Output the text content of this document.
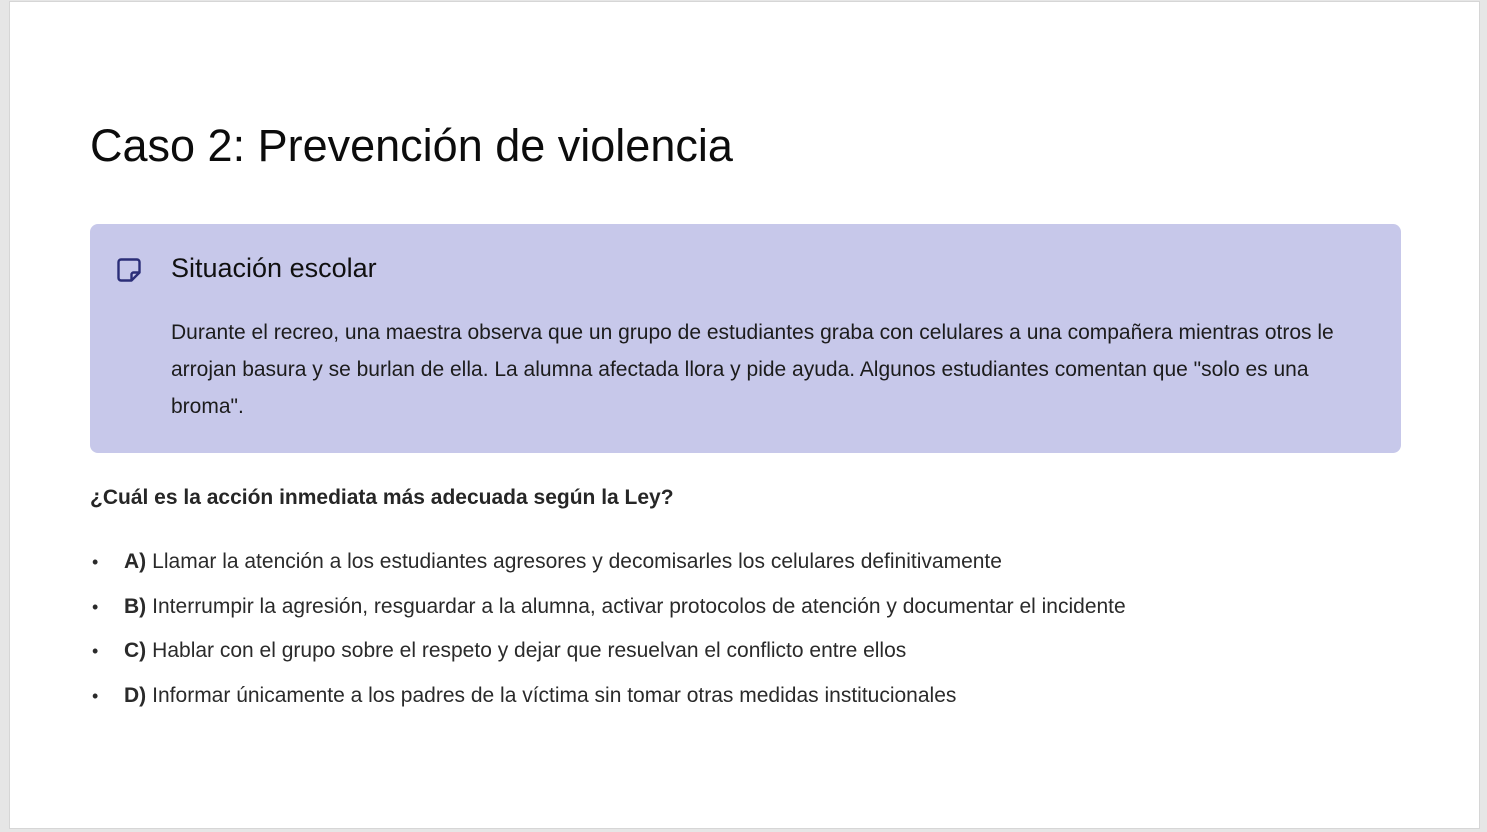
Caso 2: Prevención de violencia
Situación escolar

Durante el recreo, una maestra observa que un grupo de estudiantes graba con celulares a una compañera mientras otros le arrojan basura y se burlan de ella. La alumna afectada llora y pide ayuda. Algunos estudiantes comentan que "solo es una broma".

¿Cuál es la acción inmediata más adecuada según la Ley?

• A) Llamar la atención a los estudiantes agresores y decomisarles los celulares definitivamente
• B) Interrumpir la agresión, resguardar a la alumna, activar protocolos de atención y documentar el incidente
• C) Hablar con el grupo sobre el respeto y dejar que resuelvan el conflicto entre ellos
• D) Informar únicamente a los padres de la víctima sin tomar otras medidas institucionales
